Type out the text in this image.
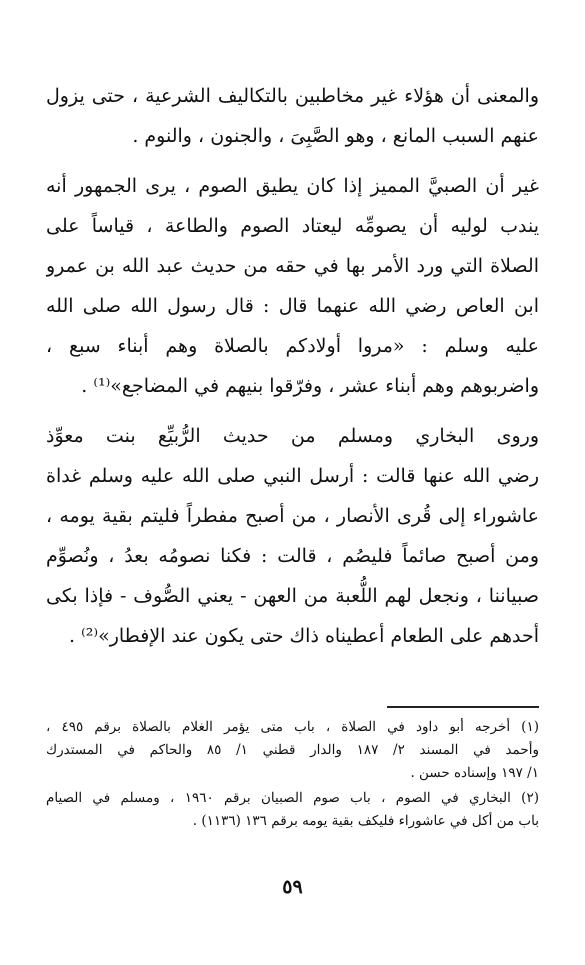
والمعنى أن هؤلاء غير مخاطبين بالتكاليف الشرعية ، حتى يزول
عنهم السبب المانع ، وهو الصَّبِىَ ، والجنون ، والنوم .

غير أن الصبيَّ المميز إذا كان يطيق الصوم ، يرى الجمهور أنه
يندب لوليه أن يصومِّه ليعتاد الصوم والطاعة ، قياساً على
الصلاة التي ورد الأمر بها في حقه من حديث عبد الله بن عمرو
ابن العاص رضي الله عنهما قال : قال رسول الله صلى الله
عليه وسلم : «مروا أولادكم بالصلاة وهم أبناء سبع ،
واضربوهم وهم أبناء عشر ، وفرّقوا بنيهم في المضاجع»⁽¹⁾ .

وروى البخاري ومسلم من حديث الرُّبيِّع بنت معوِّذ
رضي الله عنها قالت : أرسل النبي صلى الله عليه وسلم غداة
عاشوراء إلى قُرى الأنصار ، من أصبح مفطراً فليتم بقية يومه ،
ومن أصبح صائماً فليصُم ، قالت : فكنا نصومُه بعدُ ، ونُصوِّم
صبياننا ، ونجعل لهم اللُّعبة من العهن - يعني الصُّوف - فإذا بكى
أحدهم على الطعام أعطيناه ذاك حتى يكون عند الإفطار»⁽²⁾ .

(١) أخرجه أبو داود في الصلاة ، باب متى يؤمر الغلام بالصلاة برقم ٤٩٥ ،
وأحمد في المسند ٢/ ١٨٧ والدار قطني ١/ ٨٥ والحاكم في المستدرك
١/ ١٩٧ وإسناده حسن .
(٢) البخاري في الصوم ، باب صوم الصبيان برقم ١٩٦٠ ، ومسلم في الصيام
باب من أكل في عاشوراء فليكف بقية يومه برقم ١٣٦ (١١٣٦) .
٥٩
